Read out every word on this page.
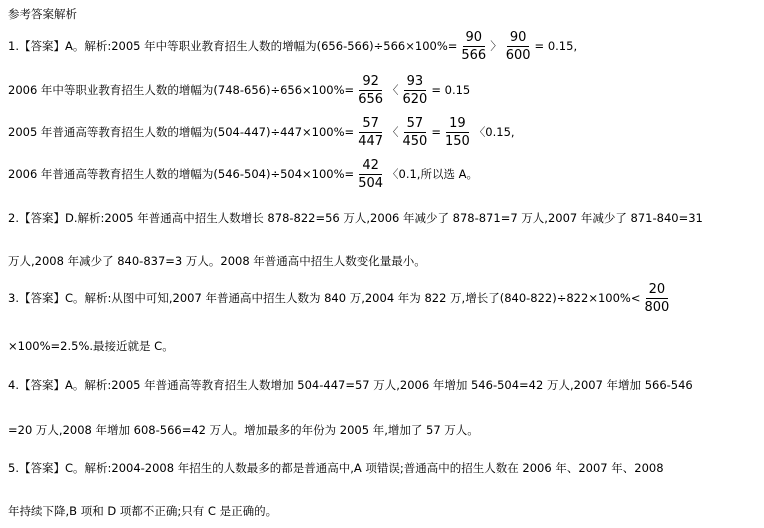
参考答案解析
1.【答案】A。解析:2005 年中等职业教育招生人数的增幅为$(656-566)\div 566\times 100\%= \frac{90}{566}$ 〉 $\frac{90}{600} = 0.15$,
2006 年中等职业教育招生人数的增幅为$(748-656)\div 656\times 100\%= \frac{92}{656}$ 〈 $\frac{93}{620} = 0.15$
2005 年普通高等教育招生人数的增幅为$(504-447)\div 447\times 100\%= \frac{57}{447}$ 〈 $\frac{57}{450} = \frac{19}{150}$ 〈0.15,
2006 年普通高等教育招生人数的增幅为$(546-504)\div 504\times 100\%= \frac{42}{504}$ 〈0.1,所以选 A。
2.【答案】D.解析:2005 年普通高中招生人数增长 878-822=56 万人,2006 年减少了 878-871=7 万人,2007 年减少了 871-840=31
万人,2008 年减少了 840-837=3 万人。2008 年普通高中招生人数变化量最小。
3.【答案】C。解析:从图中可知,2007 年普通高中招生人数为 840 万,2004 年为 822 万,增长了$(840-822)\div 822\times 100\%< \frac{20}{800}$
×100%=2.5%.最接近就是 C。
4.【答案】A。解析:2005 年普通高等教育招生人数增加 504-447=57 万人,2006 年增加 546-504=42 万人,2007 年增加 566-546
=20 万人,2008 年增加 608-566=42 万人。增加最多的年份为 2005 年,增加了 57 万人。
5.【答案】C。解析:2004-2008 年招生的人数最多的都是普通高中,A 项错误;普通高中的招生人数在 2006 年、2007 年、2008
年持续下降,B 项和 D 项都不正确;只有 C 是正确的。
